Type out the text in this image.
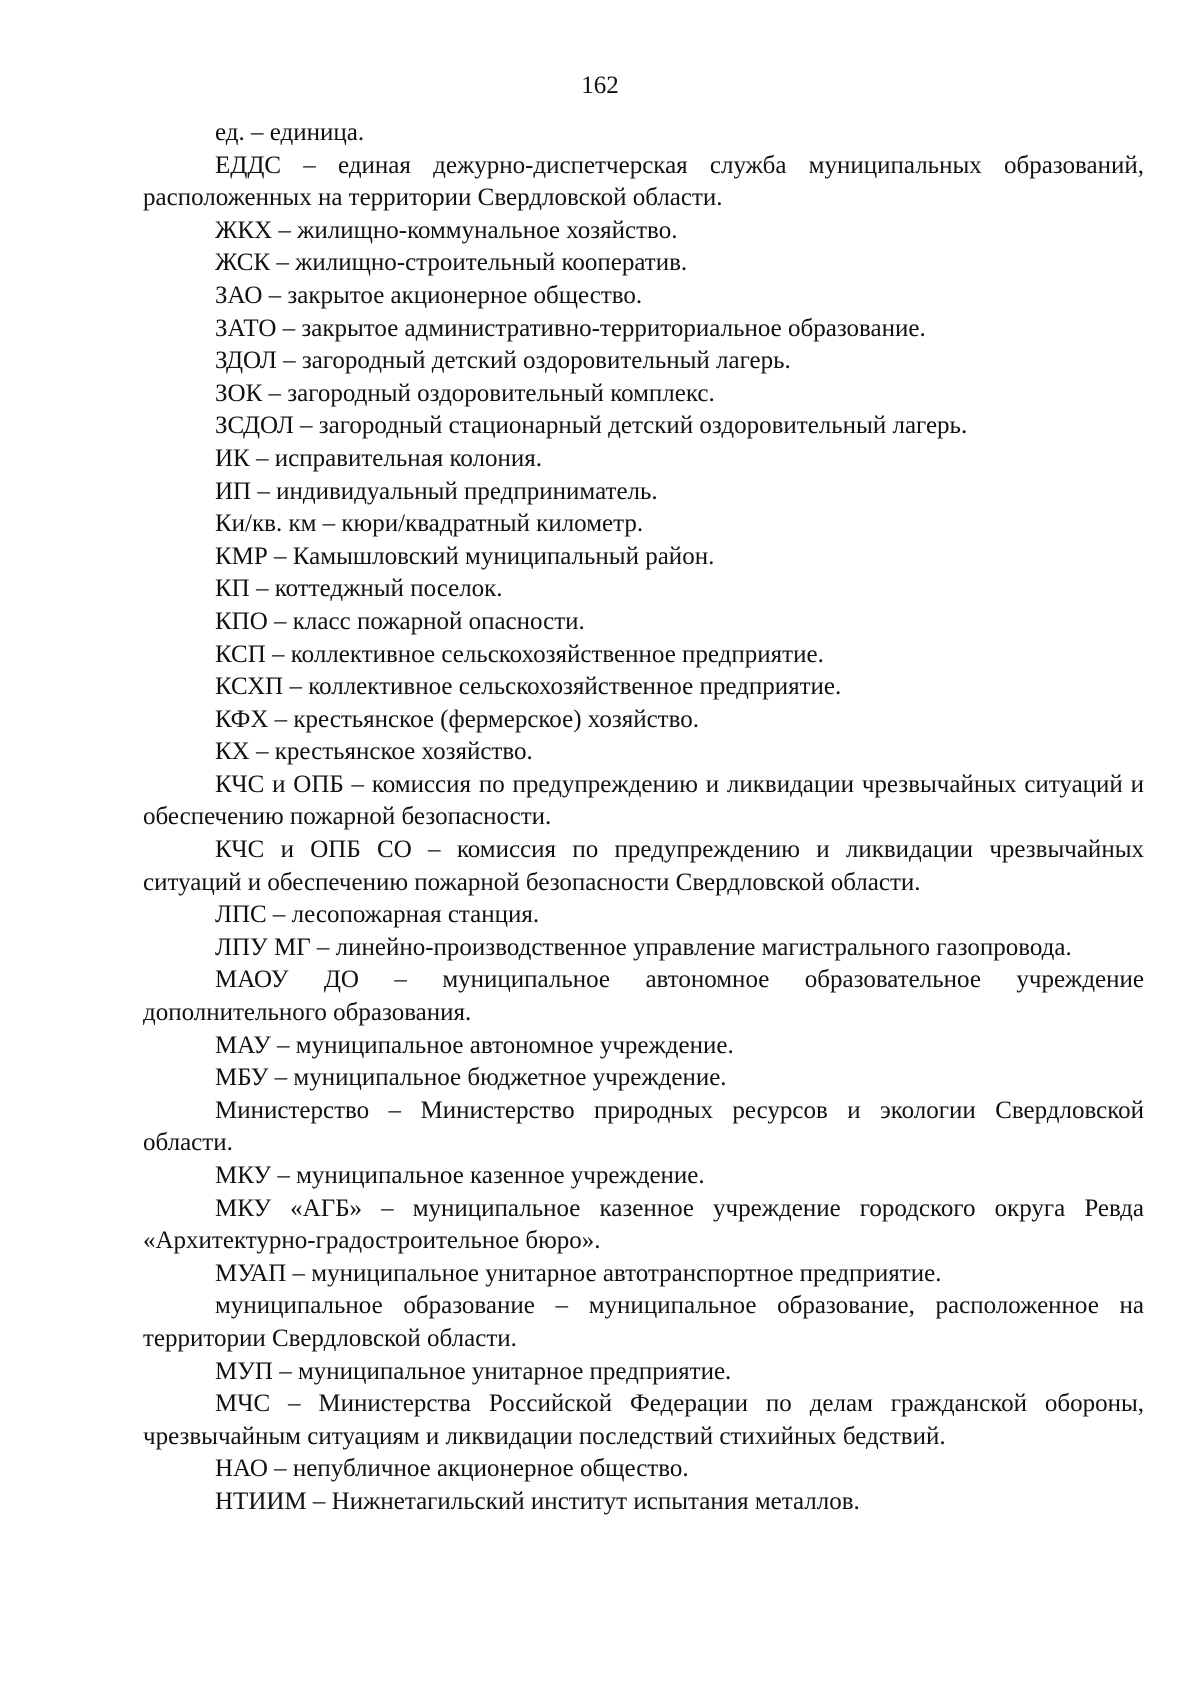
162

ед. – единица.

ЕДДС – единая дежурно-диспетчерская служба муниципальных образований, расположенных на территории Свердловской области.

ЖКХ – жилищно-коммунальное хозяйство.

ЖСК – жилищно-строительный кооператив.

ЗАО – закрытое акционерное общество.

ЗАТО – закрытое административно-территориальное образование.

ЗДОЛ – загородный детский оздоровительный лагерь.

ЗОК – загородный оздоровительный комплекс.

ЗСДОЛ – загородный стационарный детский оздоровительный лагерь.

ИК – исправительная колония.

ИП – индивидуальный предприниматель.

Ки/кв. км – кюри/квадратный километр.

КМР – Камышловский муниципальный район.

КП – коттеджный поселок.

КПО – класс пожарной опасности.

КСП – коллективное сельскохозяйственное предприятие.

КСХП – коллективное сельскохозяйственное предприятие.

КФХ – крестьянское (фермерское) хозяйство.

КХ – крестьянское хозяйство.

КЧС и ОПБ – комиссия по предупреждению и ликвидации чрезвычайных ситуаций и обеспечению пожарной безопасности.

КЧС и ОПБ СО – комиссия по предупреждению и ликвидации чрезвычайных ситуаций и обеспечению пожарной безопасности Свердловской области.

ЛПС – лесопожарная станция.

ЛПУ МГ – линейно-производственное управление магистрального газопровода.

МАОУ ДО – муниципальное автономное образовательное учреждение дополнительного образования.

МАУ – муниципальное автономное учреждение.

МБУ – муниципальное бюджетное учреждение.

Министерство – Министерство природных ресурсов и экологии Свердловской области.

МКУ – муниципальное казенное учреждение.

МКУ «АГБ» – муниципальное казенное учреждение городского округа Ревда «Архитектурно-градостроительное бюро».

МУАП – муниципальное унитарное автотранспортное предприятие.

муниципальное образование – муниципальное образование, расположенное на территории Свердловской области.

МУП – муниципальное унитарное предприятие.

МЧС – Министерства Российской Федерации по делам гражданской обороны, чрезвычайным ситуациям и ликвидации последствий стихийных бедствий.

НАО – непубличное акционерное общество.

НТИИМ – Нижнетагильский институт испытания металлов.
